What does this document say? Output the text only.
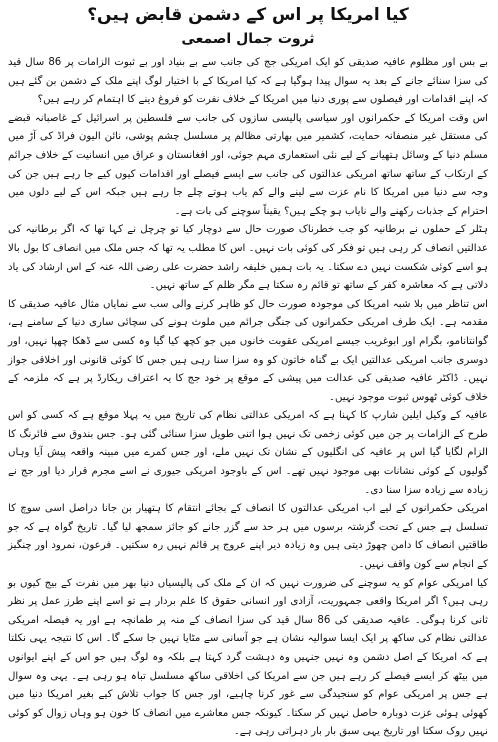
کیا امریکا پر اس کے دشمن قابض ہیں؟
ثروت جمال اصمعی

بے بس اور مظلوم عافیہ صدیقی کو ایک امریکی جج کی جانب سے بے بنیاد اور بے ثبوت الزامات پر 86 سال قید کی سزا سنائے جانے کے بعد یہ سوال پیدا ہوگیا ہے کہ کیا امریکا کے با اختیار لوگ اپنے ملک کے دشمن بن گئے ہیں کہ اپنے اقدامات اور فیصلوں سے پوری دنیا میں امریکا کے خلاف نفرت کو فروغ دینے کا اہتمام کر رہے ہیں؟

اس وقت امریکا کے حکمرانوں اور سیاسی پالیسی سازوں کی جانب سے فلسطین پر اسرائیل کے غاصبانہ قبضے کی مستقل غیر منصفانہ حمایت، کشمیر میں بھارتی مظالم پر مسلسل چشم پوشی، نائن الیون فراڈ کی آڑ میں مسلم دنیا کے وسائل ہتھیانے کے لیے نئی استعماری مہم جوئی، اور افغانستان و عراق میں انسانیت کے خلاف جرائم کے ارتکاب کے ساتھ ساتھ امریکی عدالتوں کی جانب سے ایسے فیصلے اور اقدامات کیوں کیے جا رہے ہیں جن کی وجہ سے دنیا میں امریکا کا نام عزت سے لینے والے کم یاب ہوتے چلے جا رہے ہیں جبکہ اس کے لیے دلوں میں احترام کے جذبات رکھنے والے نایاب ہو چکے ہیں؟ یقیناً سوچنے کی بات ہے۔

ہٹلر کے حملوں نے برطانیہ کو جب خطرناک صورت حال سے دوچار کیا تو چرچل نے کہا تھا کہ اگر برطانیہ کی عدالتیں انصاف کر رہی ہیں تو فکر کی کوئی بات نہیں۔ اس کا مطلب یہ تھا کہ جس ملک میں انصاف کا بول بالا ہو اسے کوئی شکست نہیں دے سکتا۔ یہ بات ہمیں خلیفہ راشد حضرت علی رضی اللہ عنہ کے اس ارشاد کی یاد دلاتی ہے کہ معاشرہ کفر کے ساتھ تو قائم رہ سکتا ہے مگر ظلم کے ساتھ نہیں۔

اس تناظر میں بلا شبہ امریکا کی موجودہ صورت حال کو ظاہر کرنے والی سب سے نمایاں مثال عافیہ صدیقی کا مقدمہ ہے۔ ایک طرف امریکی حکمرانوں کی جنگی جرائم میں ملوث ہونے کی سچائی ساری دنیا کے سامنے ہے، گوانتانامو، بگرام اور ابوغریب جیسے امریکی عقوبت خانوں میں جو کچھ کیا گیا وہ کسی سے ڈھکا چھپا نہیں، اور دوسری جانب امریکی عدالتیں ایک بے گناہ خاتون کو وہ سزا سنا رہی ہیں جس کا کوئی قانونی اور اخلاقی جواز نہیں۔ ڈاکٹر عافیہ صدیقی کی عدالت میں پیشی کے موقع پر خود جج کا یہ اعتراف ریکارڈ پر ہے کہ ملزمہ کے خلاف کوئی ٹھوس ثبوت موجود نہیں۔

عافیہ کے وکیل ایلین شارپ کا کہنا ہے کہ امریکی عدالتی نظام کی تاریخ میں یہ پہلا موقع ہے کہ کسی کو اس طرح کے الزامات پر جن میں کوئی زخمی تک نہیں ہوا اتنی طویل سزا سنائی گئی ہو۔ جس بندوق سے فائرنگ کا الزام لگایا گیا اس پر عافیہ کی انگلیوں کے نشان تک نہیں ملے، اور جس کمرے میں مبینہ واقعہ پیش آیا وہاں گولیوں کے کوئی نشانات بھی موجود نہیں تھے۔ اس کے باوجود امریکی جیوری نے اسے مجرم قرار دیا اور جج نے زیادہ سے زیادہ سزا سنا دی۔

امریکی حکمرانوں کے لیے اب امریکی عدالتوں کا انصاف کے بجائے انتقام کا ہتھیار بن جانا دراصل اسی سوچ کا تسلسل ہے جس کے تحت گزشتہ برسوں میں ہر حد سے گزر جانے کو جائز سمجھ لیا گیا۔ تاریخ گواہ ہے کہ جو طاقتیں انصاف کا دامن چھوڑ دیتی ہیں وہ زیادہ دیر اپنے عروج پر قائم نہیں رہ سکتیں۔ فرعون، نمرود اور چنگیز کے انجام سے کون واقف نہیں۔

کیا امریکی عوام کو یہ سوچنے کی ضرورت نہیں کہ ان کے ملک کی پالیسیاں دنیا بھر میں نفرت کے بیج کیوں بو رہی ہیں؟ اگر امریکا واقعی جمہوریت، آزادی اور انسانی حقوق کا علم بردار ہے تو اسے اپنے طرز عمل پر نظر ثانی کرنا ہوگی۔ عافیہ صدیقی کی 86 سال قید کی سزا انصاف کے منہ پر طمانچہ ہے اور یہ فیصلہ امریکی عدالتی نظام کی ساکھ پر ایک ایسا سوالیہ نشان ہے جو آسانی سے مٹایا نہیں جا سکے گا۔ اس کا نتیجہ یہی نکلتا ہے کہ امریکا کے اصل دشمن وہ نہیں جنہیں وہ دہشت گرد کہتا ہے بلکہ وہ لوگ ہیں جو اس کے اپنے ایوانوں میں بیٹھ کر ایسے فیصلے کر رہے ہیں جن سے امریکا کی اخلاقی ساکھ مسلسل تباہ ہو رہی ہے۔ یہی وہ سوال ہے جس پر امریکی عوام کو سنجیدگی سے غور کرنا چاہیے، اور جس کا جواب تلاش کیے بغیر امریکا دنیا میں کھوئی ہوئی عزت دوبارہ حاصل نہیں کر سکتا۔ کیونکہ جس معاشرے میں انصاف کا خون ہو وہاں زوال کو کوئی نہیں روک سکتا اور تاریخ یہی سبق بار بار دہراتی رہی ہے۔
